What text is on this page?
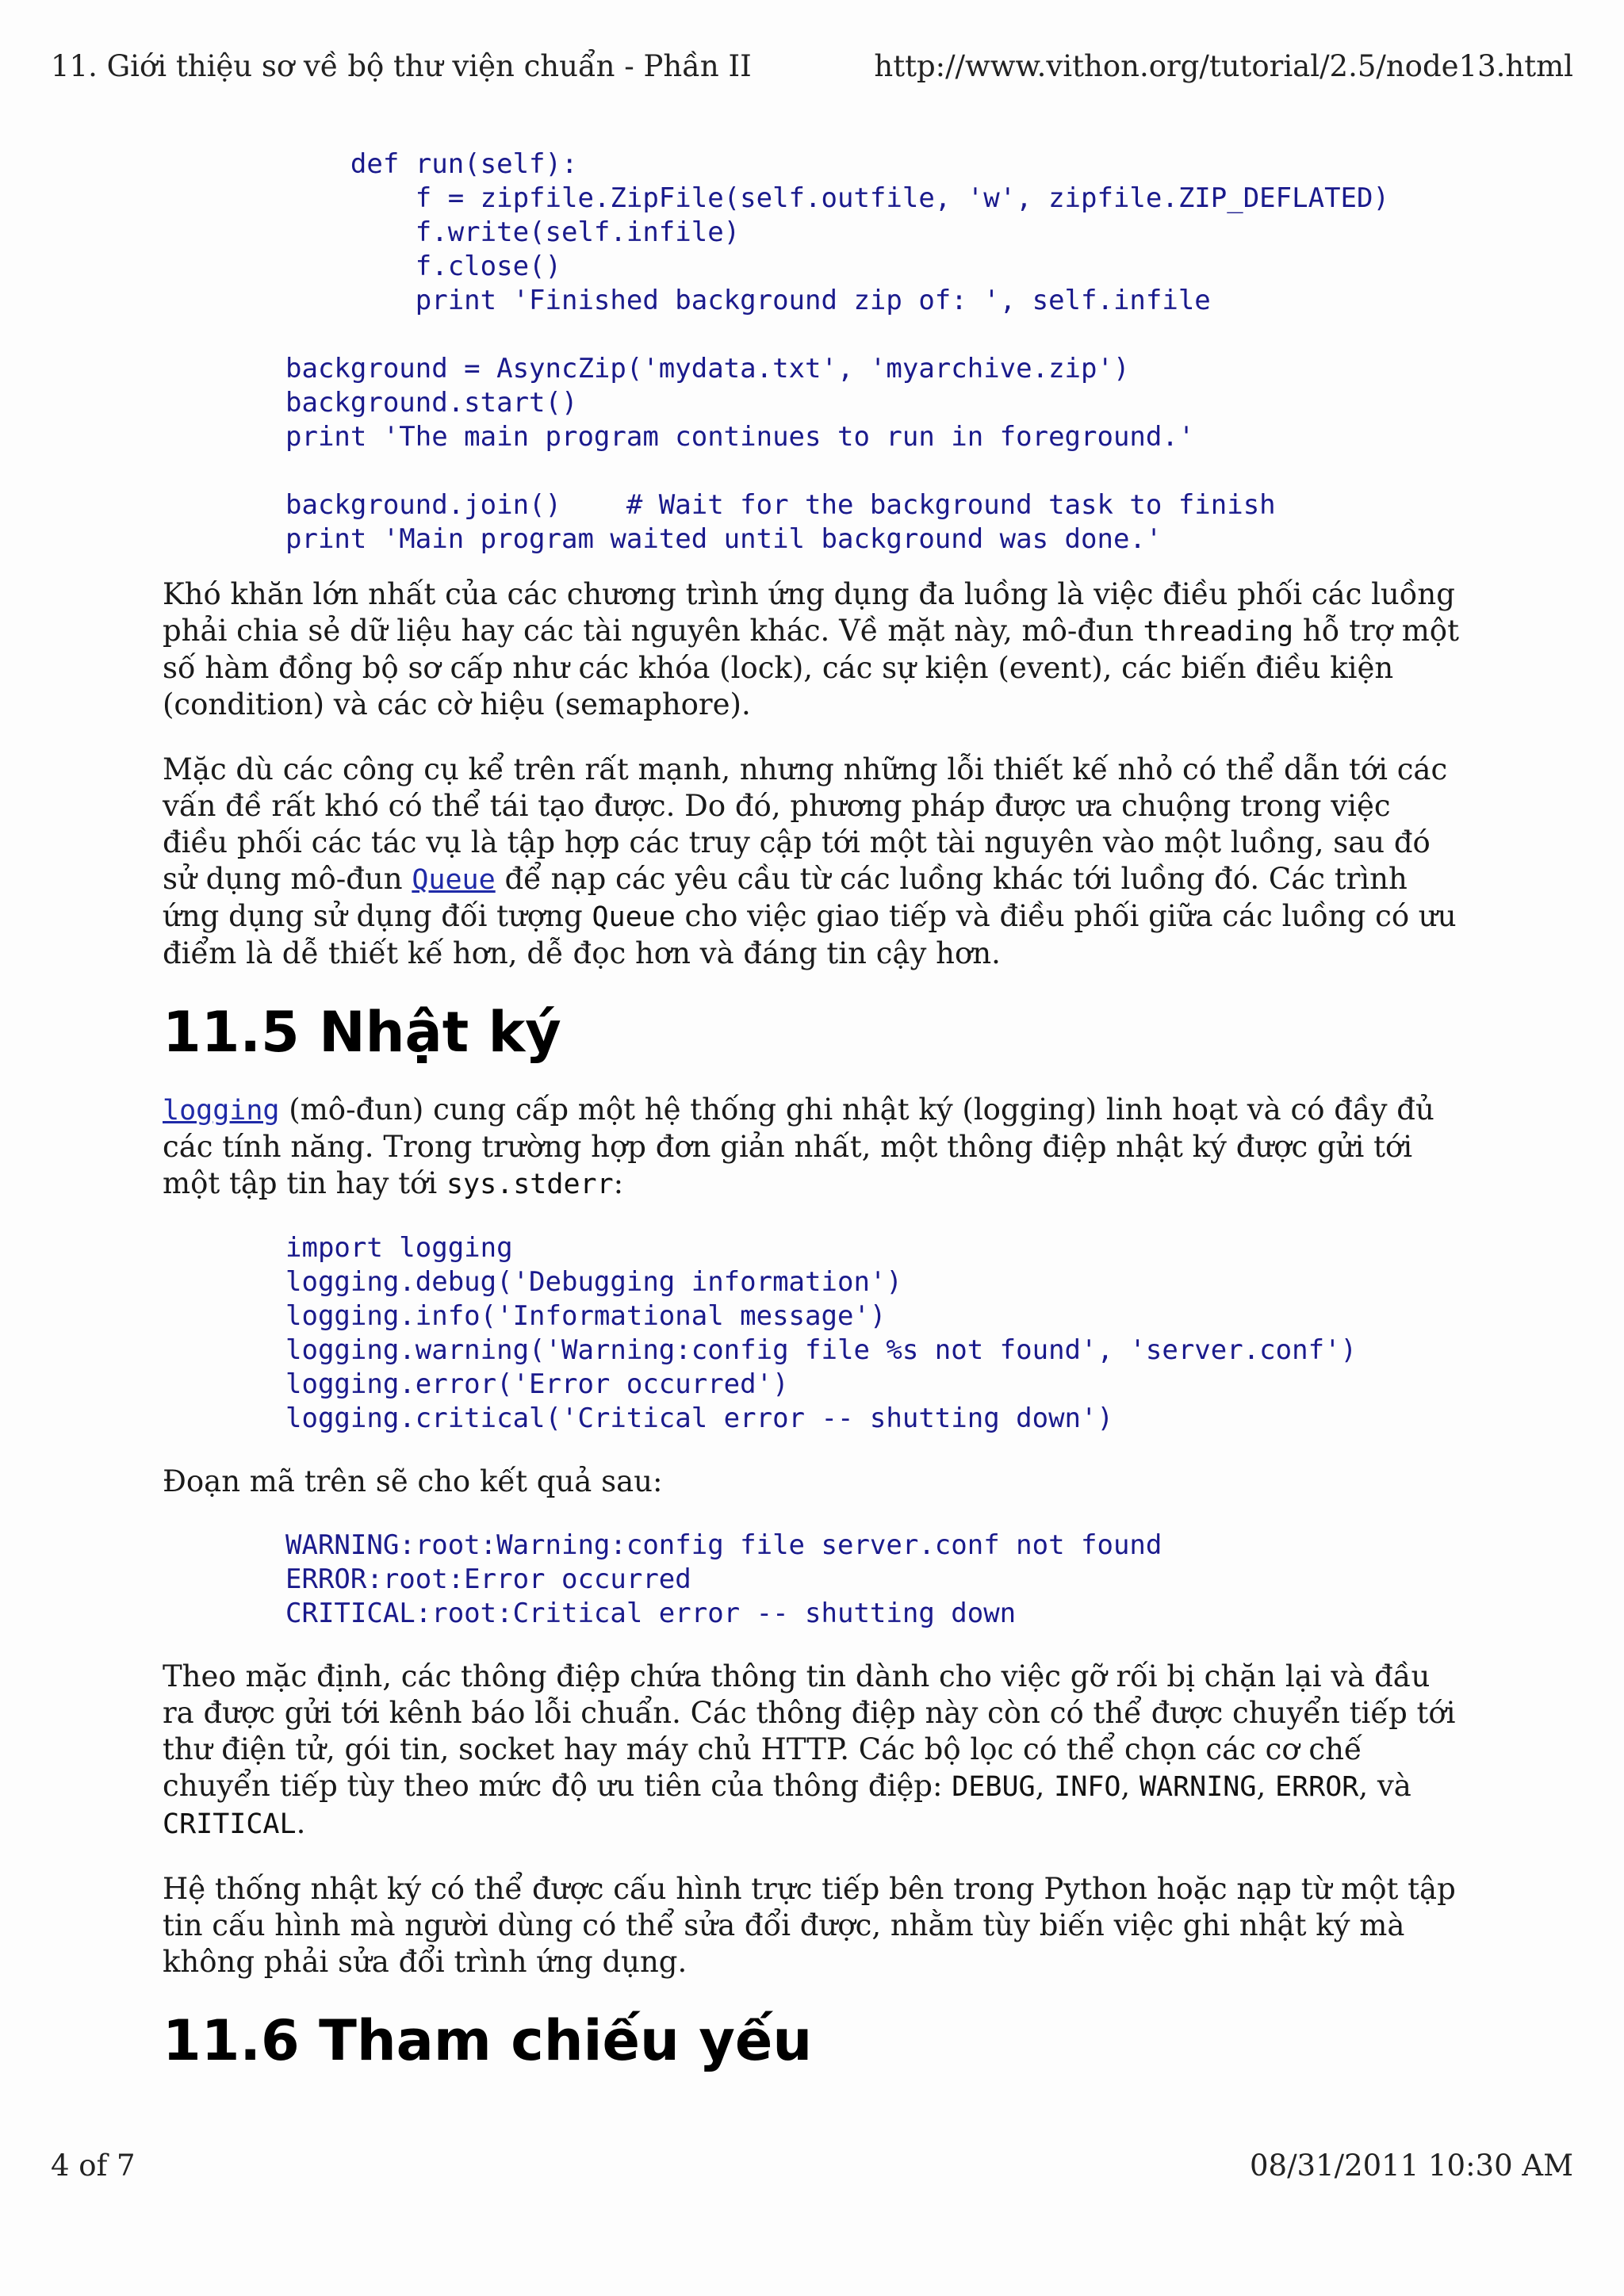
11. Giới thiệu sơ về bộ thư viện chuẩn - Phần II	http://www.vithon.org/tutorial/2.5/node13.html
def run(self):
f = zipfile.ZipFile(self.outfile, 'w', zipfile.ZIP_DEFLATED)
f.write(self.infile)
f.close()
print 'Finished background zip of: ', self.infile

background = AsyncZip('mydata.txt', 'myarchive.zip')
background.start()
print 'The main program continues to run in foreground.'

background.join()    # Wait for the background task to finish
print 'Main program waited until background was done.'

Khó khăn lớn nhất của các chương trình ứng dụng đa luồng là việc điều phối các luồng phải chia sẻ dữ liệu hay các tài nguyên khác. Về mặt này, mô-đun threading hỗ trợ một số hàm đồng bộ sơ cấp như các khóa (lock), các sự kiện (event), các biến điều kiện (condition) và các cờ hiệu (semaphore).

Mặc dù các công cụ kể trên rất mạnh, nhưng những lỗi thiết kế nhỏ có thể dẫn tới các vấn đề rất khó có thể tái tạo được. Do đó, phương pháp được ưa chuộng trong việc điều phối các tác vụ là tập hợp các truy cập tới một tài nguyên vào một luồng, sau đó sử dụng mô-đun Queue để nạp các yêu cầu từ các luồng khác tới luồng đó. Các trình ứng dụng sử dụng đối tượng Queue cho việc giao tiếp và điều phối giữa các luồng có ưu điểm là dễ thiết kế hơn, dễ đọc hơn và đáng tin cậy hơn.

11.5 Nhật ký

logging (mô-đun) cung cấp một hệ thống ghi nhật ký (logging) linh hoạt và có đầy đủ các tính năng. Trong trường hợp đơn giản nhất, một thông điệp nhật ký được gửi tới một tập tin hay tới sys.stderr:

import logging
logging.debug('Debugging information')
logging.info('Informational message')
logging.warning('Warning:config file %s not found', 'server.conf')
logging.error('Error occurred')
logging.critical('Critical error -- shutting down')

Đoạn mã trên sẽ cho kết quả sau:

WARNING:root:Warning:config file server.conf not found
ERROR:root:Error occurred
CRITICAL:root:Critical error -- shutting down

Theo mặc định, các thông điệp chứa thông tin dành cho việc gỡ rối bị chặn lại và đầu ra được gửi tới kênh báo lỗi chuẩn. Các thông điệp này còn có thể được chuyển tiếp tới thư điện tử, gói tin, socket hay máy chủ HTTP. Các bộ lọc có thể chọn các cơ chế chuyển tiếp tùy theo mức độ ưu tiên của thông điệp: DEBUG, INFO, WARNING, ERROR, và CRITICAL.

Hệ thống nhật ký có thể được cấu hình trực tiếp bên trong Python hoặc nạp từ một tập tin cấu hình mà người dùng có thể sửa đổi được, nhằm tùy biến việc ghi nhật ký mà không phải sửa đổi trình ứng dụng.

11.6 Tham chiếu yếu
4 of 7	08/31/2011 10:30 AM
